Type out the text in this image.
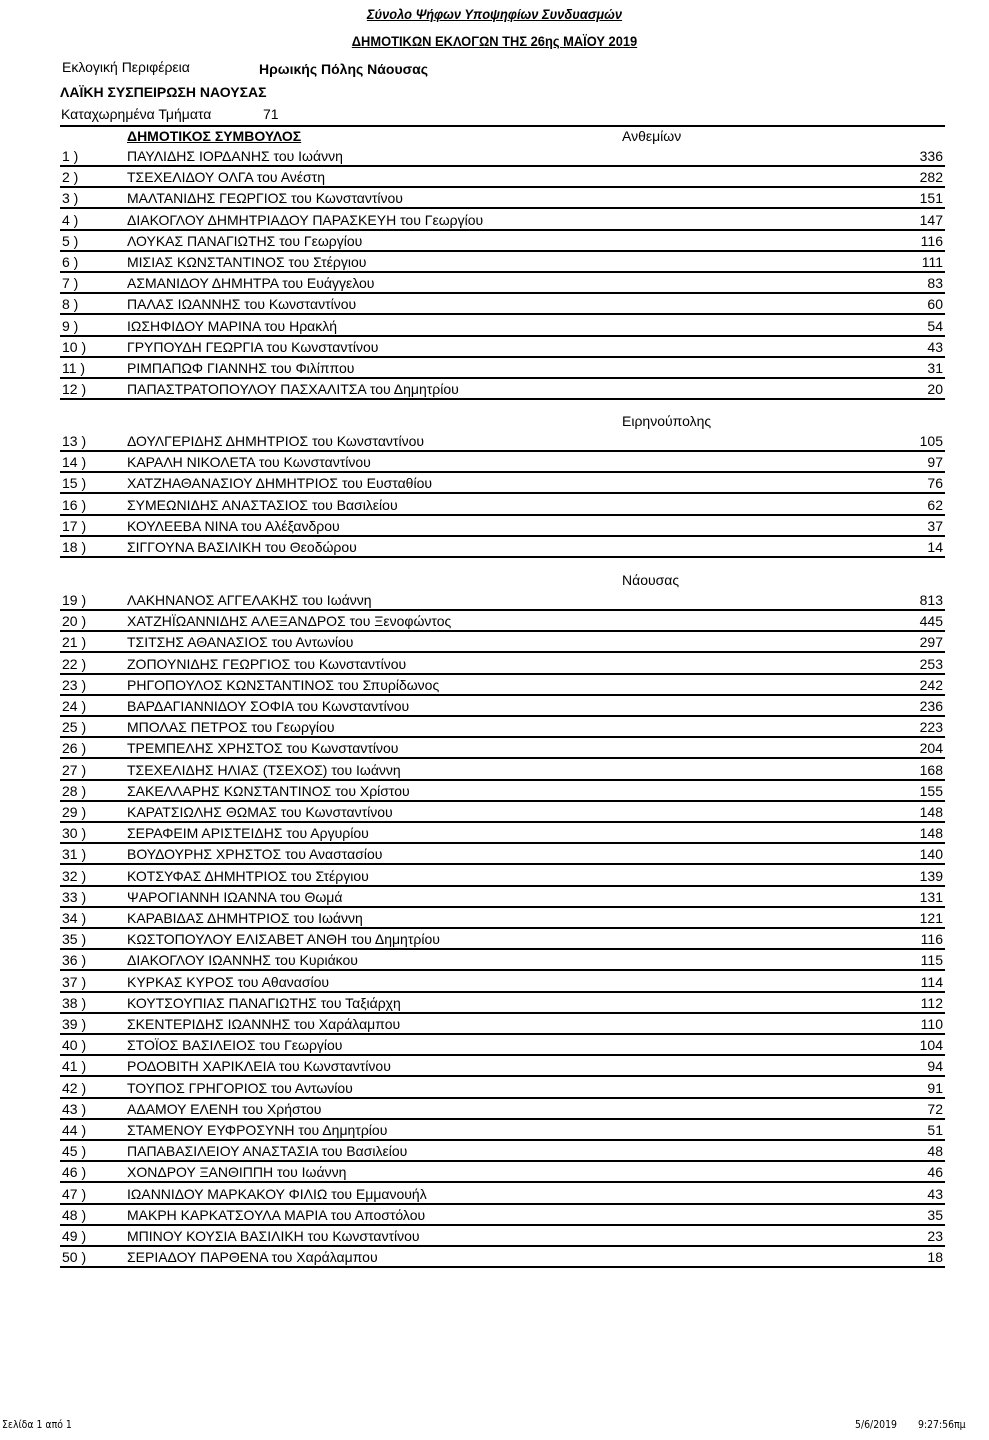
Σύνολο Ψήφων Υποψηφίων Συνδυασμών
ΔΗΜΟΤΙΚΩΝ ΕΚΛΟΓΩΝ ΤΗΣ 26ης ΜΑΪΟΥ 2019
Εκλογική Περιφέρεια	Ηρωικής Πόλης Νάουσας
ΛΑΪΚΗ ΣΥΣΠΕΙΡΩΣΗ ΝΑΟΥΣΑΣ
Καταχωρημένα Τμήματα	71
ΔΗΜΟΤΙΚΟΣ ΣΥΜΒΟΥΛΟΣ	Ανθεμίων
1 )	ΠΑΥΛΙΔΗΣ ΙΟΡΔΑΝΗΣ του Ιωάννη	336
2 )	ΤΣΕΧΕΛΙΔΟΥ ΟΛΓΑ του Ανέστη	282
3 )	ΜΑΛΤΑΝΙΔΗΣ ΓΕΩΡΓΙΟΣ του Κωνσταντίνου	151
4 )	ΔΙΑΚΟΓΛΟΥ ΔΗΜΗΤΡΙΑΔΟΥ ΠΑΡΑΣΚΕΥΗ του Γεωργίου	147
5 )	ΛΟΥΚΑΣ ΠΑΝΑΓΙΩΤΗΣ του Γεωργίου	116
6 )	ΜΙΣΙΑΣ ΚΩΝΣΤΑΝΤΙΝΟΣ του Στέργιου	111
7 )	ΑΣΜΑΝΙΔΟΥ ΔΗΜΗΤΡΑ του Ευάγγελου	83
8 )	ΠΑΛΑΣ ΙΩΑΝΝΗΣ του Κωνσταντίνου	60
9 )	ΙΩΣΗΦΙΔΟΥ ΜΑΡΙΝΑ του Ηρακλή	54
10 )	ΓΡΥΠΟΥΔΗ ΓΕΩΡΓΙΑ του Κωνσταντίνου	43
11 )	ΡΙΜΠΑΠΩΦ ΓΙΑΝΝΗΣ του Φιλίππου	31
12 )	ΠΑΠΑΣΤΡΑΤΟΠΟΥΛΟΥ ΠΑΣΧΑΛΙΤΣΑ του Δημητρίου	20
Ειρηνούπολης
13 )	ΔΟΥΛΓΕΡΙΔΗΣ ΔΗΜΗΤΡΙΟΣ του Κωνσταντίνου	105
14 )	ΚΑΡΑΛΗ ΝΙΚΟΛΕΤΑ του Κωνσταντίνου	97
15 )	ΧΑΤΖΗΑΘΑΝΑΣΙΟΥ ΔΗΜΗΤΡΙΟΣ του Ευσταθίου	76
16 )	ΣΥΜΕΩΝΙΔΗΣ ΑΝΑΣΤΑΣΙΟΣ του Βασιλείου	62
17 )	ΚΟΥΛΕΕΒΑ ΝΙΝΑ του Αλέξανδρου	37
18 )	ΣΙΓΓΟΥΝΑ ΒΑΣΙΛΙΚΗ του Θεοδώρου	14
Νάουσας
19 )	ΛΑΚΗΝΑΝΟΣ ΑΓΓΕΛΑΚΗΣ του Ιωάννη	813
20 )	ΧΑΤΖΗΪΩΑΝΝΙΔΗΣ ΑΛΕΞΑΝΔΡΟΣ του Ξενοφώντος	445
21 )	ΤΣΙΤΣΗΣ ΑΘΑΝΑΣΙΟΣ του Αντωνίου	297
22 )	ΖΟΠΟΥΝΙΔΗΣ ΓΕΩΡΓΙΟΣ του Κωνσταντίνου	253
23 )	ΡΗΓΟΠΟΥΛΟΣ ΚΩΝΣΤΑΝΤΙΝΟΣ του Σπυρίδωνος	242
24 )	ΒΑΡΔΑΓΙΑΝΝΙΔΟΥ ΣΟΦΙΑ του Κωνσταντίνου	236
25 )	ΜΠΟΛΑΣ ΠΕΤΡΟΣ του Γεωργίου	223
26 )	ΤΡΕΜΠΕΛΗΣ ΧΡΗΣΤΟΣ του Κωνσταντίνου	204
27 )	ΤΣΕΧΕΛΙΔΗΣ ΗΛΙΑΣ (ΤΣΕΧΟΣ) του Ιωάννη	168
28 )	ΣΑΚΕΛΛΑΡΗΣ ΚΩΝΣΤΑΝΤΙΝΟΣ του Χρίστου	155
29 )	ΚΑΡΑΤΣΙΩΛΗΣ ΘΩΜΑΣ του Κωνσταντίνου	148
30 )	ΣΕΡΑΦΕΙΜ ΑΡΙΣΤΕΙΔΗΣ του Αργυρίου	148
31 )	ΒΟΥΔΟΥΡΗΣ ΧΡΗΣΤΟΣ του Αναστασίου	140
32 )	ΚΟΤΣΥΦΑΣ ΔΗΜΗΤΡΙΟΣ του Στέργιου	139
33 )	ΨΑΡΟΓΙΑΝΝΗ ΙΩΑΝΝΑ του Θωμά	131
34 )	ΚΑΡΑΒΙΔΑΣ ΔΗΜΗΤΡΙΟΣ του Ιωάννη	121
35 )	ΚΩΣΤΟΠΟΥΛΟΥ ΕΛΙΣΑΒΕΤ ΑΝΘΗ του Δημητρίου	116
36 )	ΔΙΑΚΟΓΛΟΥ ΙΩΑΝΝΗΣ του Κυριάκου	115
37 )	ΚΥΡΚΑΣ ΚΥΡΟΣ του Αθανασίου	114
38 )	ΚΟΥΤΣΟΥΠΙΑΣ ΠΑΝΑΓΙΩΤΗΣ του Ταξιάρχη	112
39 )	ΣΚΕΝΤΕΡΙΔΗΣ ΙΩΑΝΝΗΣ του Χαράλαμπου	110
40 )	ΣΤΟΪΟΣ ΒΑΣΙΛΕΙΟΣ του Γεωργίου	104
41 )	ΡΟΔΟΒΙΤΗ ΧΑΡΙΚΛΕΙΑ του Κωνσταντίνου	94
42 )	ΤΟΥΠΟΣ ΓΡΗΓΟΡΙΟΣ του Αντωνίου	91
43 )	ΑΔΑΜΟΥ ΕΛΕΝΗ του Χρήστου	72
44 )	ΣΤΑΜΕΝΟΥ ΕΥΦΡΟΣΥΝΗ του Δημητρίου	51
45 )	ΠΑΠΑΒΑΣΙΛΕΙΟΥ ΑΝΑΣΤΑΣΙΑ του Βασιλείου	48
46 )	ΧΟΝΔΡΟΥ ΞΑΝΘΙΠΠΗ του Ιωάννη	46
47 )	ΙΩΑΝΝΙΔΟΥ ΜΑΡΚΑΚΟΥ ΦΙΛΙΩ του Εμμανουήλ	43
48 )	ΜΑΚΡΗ ΚΑΡΚΑΤΣΟΥΛΑ ΜΑΡΙΑ του Αποστόλου	35
49 )	ΜΠΙΝΟΥ ΚΟΥΣΙΑ ΒΑΣΙΛΙΚΗ του Κωνσταντίνου	23
50 )	ΣΕΡΙΑΔΟΥ ΠΑΡΘΕΝΑ του Χαράλαμπου	18
Σελίδα 1 από 1	5/6/2019 9:27:56πμ
